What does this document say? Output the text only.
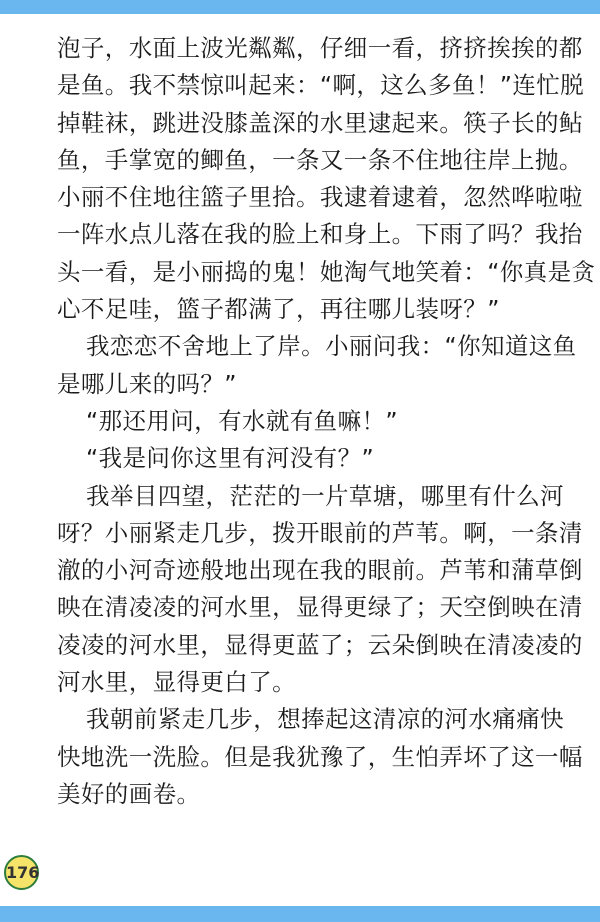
泡子，水面上波光粼粼，仔细一看，挤挤挨挨的都
是鱼。我不禁惊叫起来：“啊，这么多鱼！”连忙脱
掉鞋袜，跳进没膝盖深的水里逮起来。筷子长的鲇
鱼，手掌宽的鲫鱼，一条又一条不住地往岸上抛。
小丽不住地往篮子里拾。我逮着逮着，忽然哗啦啦
一阵水点儿落在我的脸上和身上。下雨了吗？我抬
头一看，是小丽捣的鬼！她淘气地笑着：“你真是贪
心不足哇，篮子都满了，再往哪儿装呀？”
我恋恋不舍地上了岸。小丽问我：“你知道这鱼
是哪儿来的吗？”
“那还用问，有水就有鱼嘛！”
“我是问你这里有河没有？”
我举目四望，茫茫的一片草塘，哪里有什么河
呀？小丽紧走几步，拨开眼前的芦苇。啊，一条清
澈的小河奇迹般地出现在我的眼前。芦苇和蒲草倒
映在清凌凌的河水里，显得更绿了；天空倒映在清
凌凌的河水里，显得更蓝了；云朵倒映在清凌凌的
河水里，显得更白了。
我朝前紧走几步，想捧起这清凉的河水痛痛快
快地洗一洗脸。但是我犹豫了，生怕弄坏了这一幅
美好的画卷。
176
